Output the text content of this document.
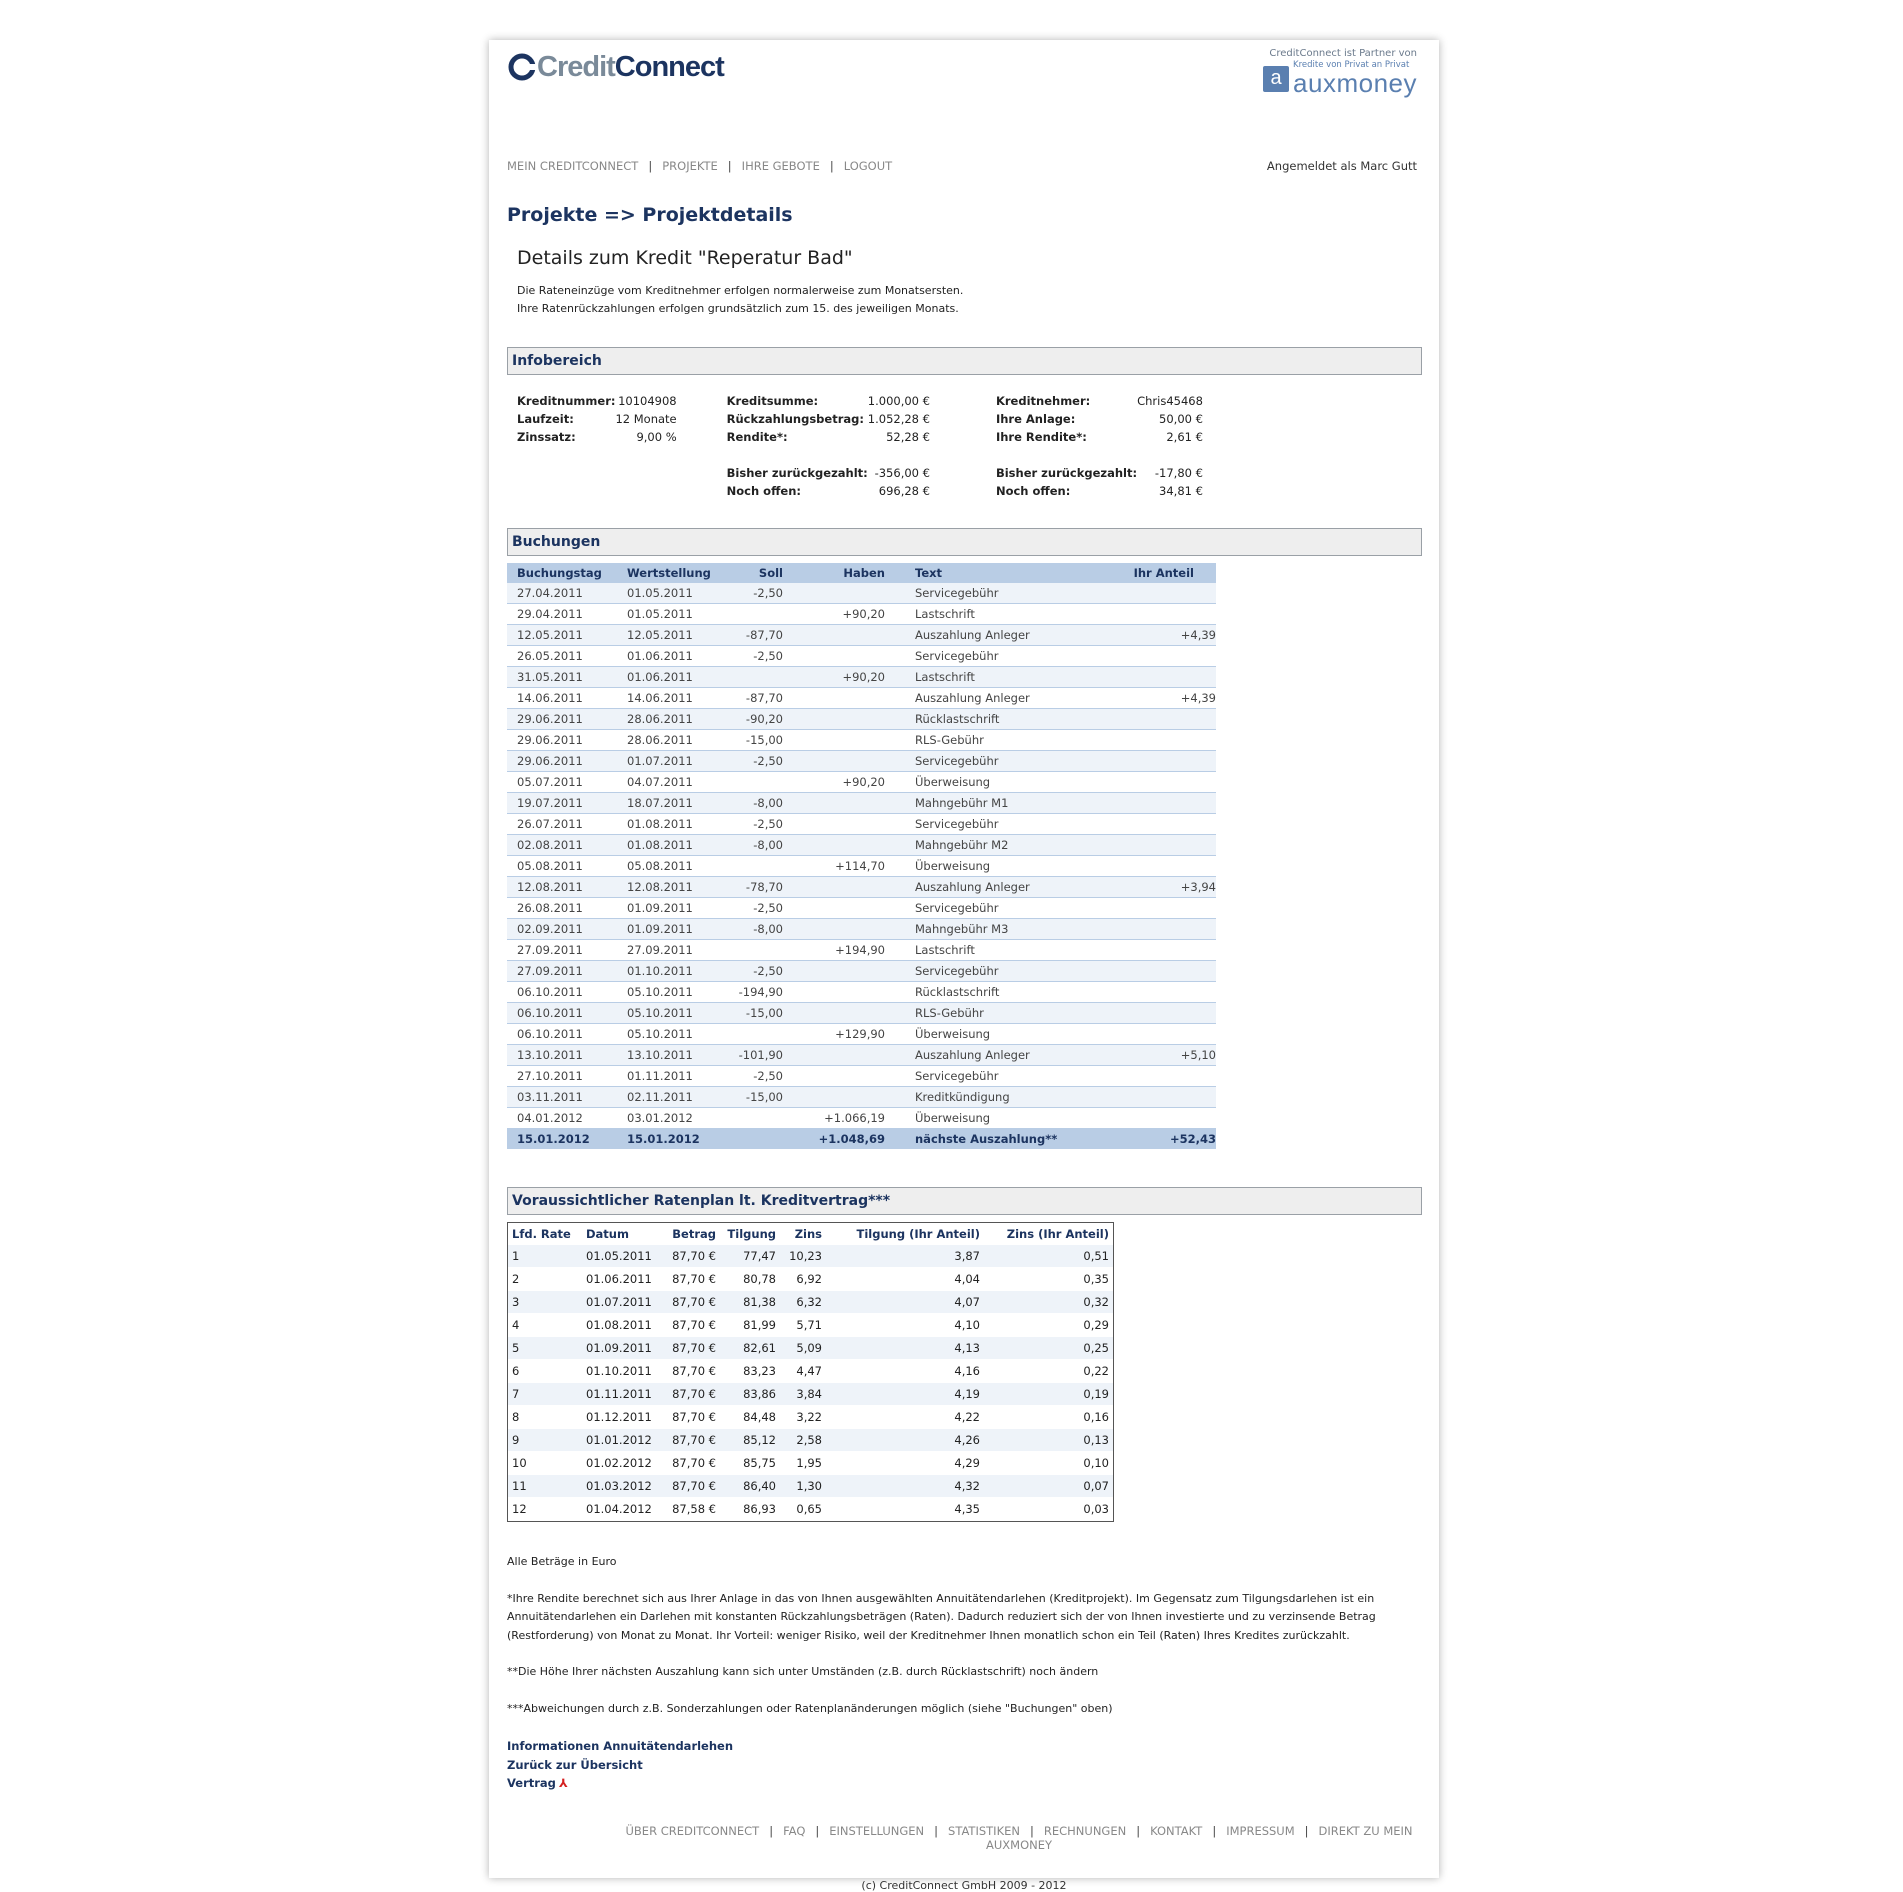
CreditConnect	CreditConnect ist Partner von
a
Kredite von Privat an Privat
auxmoney
MEIN CREDITCONNECT | PROJEKTE | IHRE GEBOTE | LOGOUT	Angemeldet als Marc Gutt
Projekte => Projektdetails
Details zum Kredit "Reperatur Bad"
Die Rateneinzüge vom Kreditnehmer erfolgen normalerweise zum Monatsersten.
Ihre Ratenrückzahlungen erfolgen grundsätzlich zum 15. des jeweiligen Monats.
Infobereich
Kreditnummer:	10104908		Kreditsumme:	1.000,00 €		Kreditnehmer:	Chris45468
Laufzeit:	12 Monate		Rückzahlungsbetrag:	1.052,28 €		Ihre Anlage:	50,00 €
Zinssatz:	9,00 %		Rendite*:	52,28 €		Ihre Rendite*:	2,61 €

			Bisher zurückgezahlt:	-356,00 €		Bisher zurückgezahlt:	-17,80 €
			Noch offen:	696,28 €		Noch offen:	34,81 €
Buchungen
Buchungstag	Wertstellung	Soll	Haben	Text	Ihr Anteil
27.04.2011	01.05.2011	-2,50		Servicegebühr	
29.04.2011	01.05.2011		+90,20	Lastschrift	
12.05.2011	12.05.2011	-87,70		Auszahlung Anleger	+4,39
26.05.2011	01.06.2011	-2,50		Servicegebühr	
31.05.2011	01.06.2011		+90,20	Lastschrift	
14.06.2011	14.06.2011	-87,70		Auszahlung Anleger	+4,39
29.06.2011	28.06.2011	-90,20		Rücklastschrift	
29.06.2011	28.06.2011	-15,00		RLS-Gebühr	
29.06.2011	01.07.2011	-2,50		Servicegebühr	
05.07.2011	04.07.2011		+90,20	Überweisung	
19.07.2011	18.07.2011	-8,00		Mahngebühr M1	
26.07.2011	01.08.2011	-2,50		Servicegebühr	
02.08.2011	01.08.2011	-8,00		Mahngebühr M2	
05.08.2011	05.08.2011		+114,70	Überweisung	
12.08.2011	12.08.2011	-78,70		Auszahlung Anleger	+3,94
26.08.2011	01.09.2011	-2,50		Servicegebühr	
02.09.2011	01.09.2011	-8,00		Mahngebühr M3	
27.09.2011	27.09.2011		+194,90	Lastschrift	
27.09.2011	01.10.2011	-2,50		Servicegebühr	
06.10.2011	05.10.2011	-194,90		Rücklastschrift	
06.10.2011	05.10.2011	-15,00		RLS-Gebühr	
06.10.2011	05.10.2011		+129,90	Überweisung	
13.10.2011	13.10.2011	-101,90		Auszahlung Anleger	+5,10
27.10.2011	01.11.2011	-2,50		Servicegebühr	
03.11.2011	02.11.2011	-15,00		Kreditkündigung	
04.01.2012	03.01.2012		+1.066,19	Überweisung	
15.01.2012	15.01.2012		+1.048,69	nächste Auszahlung**	+52,43
Voraussichtlicher Ratenplan lt. Kreditvertrag***
Lfd. Rate	Datum	Betrag	Tilgung	Zins	Tilgung (Ihr Anteil)	Zins (Ihr Anteil)
1	01.05.2011	87,70 €	77,47	10,23	3,87	0,51
2	01.06.2011	87,70 €	80,78	6,92	4,04	0,35
3	01.07.2011	87,70 €	81,38	6,32	4,07	0,32
4	01.08.2011	87,70 €	81,99	5,71	4,10	0,29
5	01.09.2011	87,70 €	82,61	5,09	4,13	0,25
6	01.10.2011	87,70 €	83,23	4,47	4,16	0,22
7	01.11.2011	87,70 €	83,86	3,84	4,19	0,19
8	01.12.2011	87,70 €	84,48	3,22	4,22	0,16
9	01.01.2012	87,70 €	85,12	2,58	4,26	0,13
10	01.02.2012	87,70 €	85,75	1,95	4,29	0,10
11	01.03.2012	87,70 €	86,40	1,30	4,32	0,07
12	01.04.2012	87,58 €	86,93	0,65	4,35	0,03

Alle Beträge in Euro

*Ihre Rendite berechnet sich aus Ihrer Anlage in das von Ihnen ausgewählten Annuitätendarlehen (Kreditprojekt). Im Gegensatz zum Tilgungsdarlehen ist ein Annuitätendarlehen ein Darlehen mit konstanten Rückzahlungsbeträgen (Raten). Dadurch reduziert sich der von Ihnen investierte und zu verzinsende Betrag (Restforderung) von Monat zu Monat. Ihr Vorteil: weniger Risiko, weil der Kreditnehmer Ihnen monatlich schon ein Teil (Raten) Ihres Kredites zurückzahlt.

**Die Höhe Ihrer nächsten Auszahlung kann sich unter Umständen (z.B. durch Rücklastschrift) noch ändern

***Abweichungen durch z.B. Sonderzahlungen oder Ratenplanänderungen möglich (siehe "Buchungen" oben)

Informationen Annuitätendarlehen
Zurück zur Übersicht
Vertrag ⅄
ÜBER CREDITCONNECT | FAQ | EINSTELLUNGEN | STATISTIKEN | RECHNUNGEN | KONTAKT | IMPRESSUM | DIREKT ZU MEIN AUXMONEY
(c) CreditConnect GmbH 2009 - 2012
